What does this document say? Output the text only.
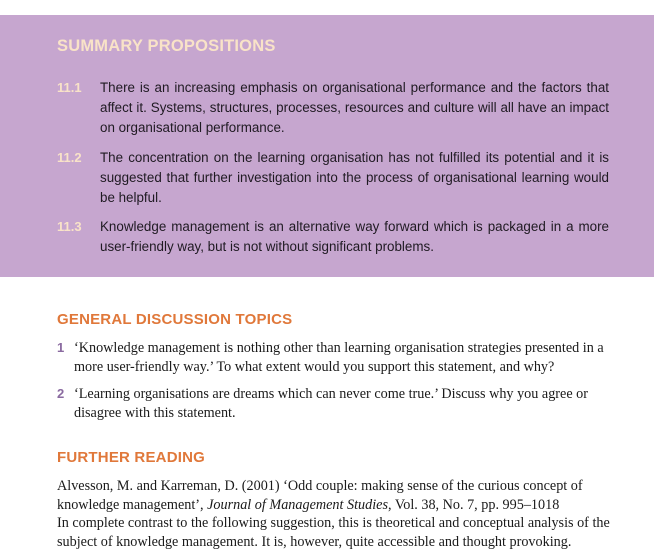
SUMMARY PROPOSITIONS
11.1 There is an increasing emphasis on organisational performance and the factors that affect it. Systems, structures, processes, resources and culture will all have an impact on organisational performance.
11.2 The concentration on the learning organisation has not fulfilled its potential and it is suggested that further investigation into the process of organisational learning would be helpful.
11.3 Knowledge management is an alternative way forward which is packaged in a more user-friendly way, but is not without significant problems.
GENERAL DISCUSSION TOPICS
1 ‘Knowledge management is nothing other than learning organisation strategies presented in a more user-friendly way.’ To what extent would you support this statement, and why?
2 ‘Learning organisations are dreams which can never come true.’ Discuss why you agree or disagree with this statement.
FURTHER READING

Alvesson, M. and Karreman, D. (2001) ‘Odd couple: making sense of the curious concept of knowledge management’, Journal of Management Studies, Vol. 38, No. 7, pp. 995–1018

In complete contrast to the following suggestion, this is theoretical and conceptual analysis of the subject of knowledge management. It is, however, quite accessible and thought provoking.
